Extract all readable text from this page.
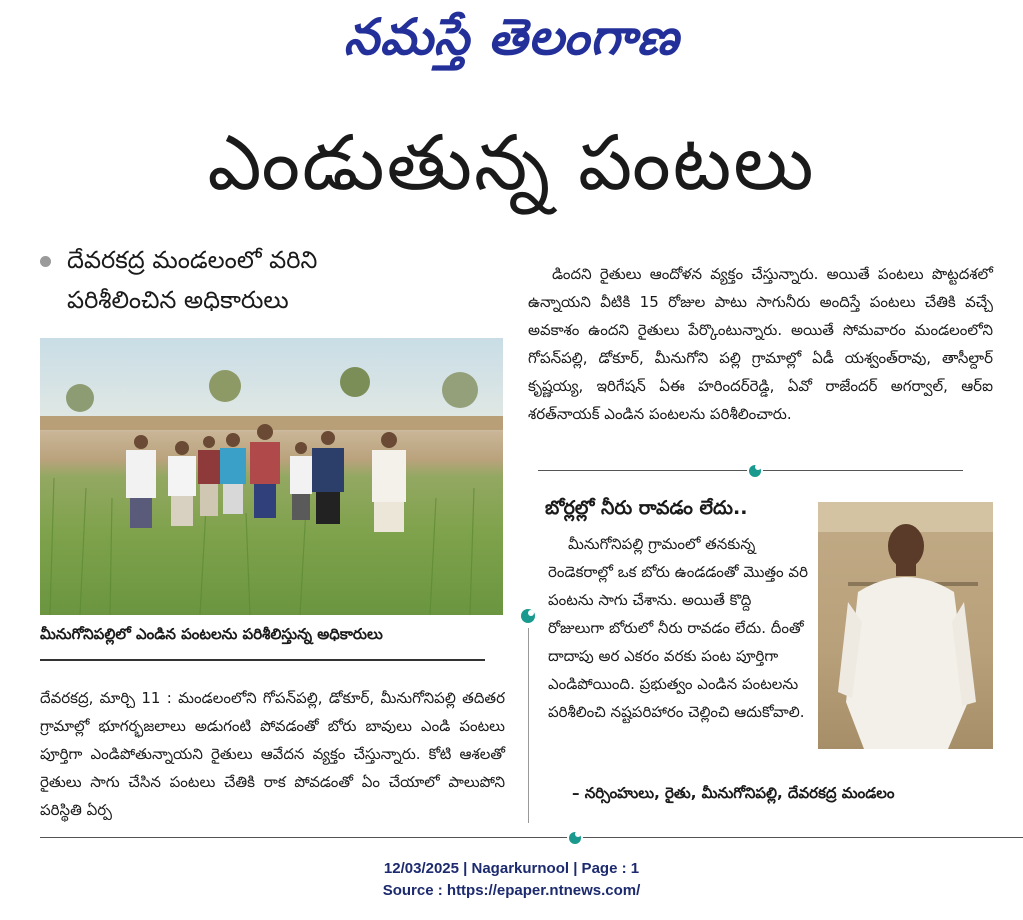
నమస్తే తెలంగాణ
ఎండుతున్న పంటలు
దేవరకద్ర మండలంలో వరిని
పరిశీలించిన అధికారులు
మీనుగోనిపల్లిలో ఎండిన పంటలను పరిశీలిస్తున్న అధికారులు
దేవరకద్ర, మార్చి 11 : మండలంలోని గోపన్‌పల్లి, డోకూర్, మీనుగోనిపల్లి తదితర గ్రామాల్లో భూగర్భజలాలు అడుగంటి పోవడంతో బోరు బావులు ఎండి పంటలు పూర్తిగా ఎండిపోతున్నాయని రైతులు ఆవేదన వ్యక్తం చేస్తున్నారు. కోటి ఆశలతో రైతులు సాగు చేసిన పంటలు చేతికి రాక పోవడంతో ఏం చేయాలో పాలుపోని పరిస్థితి ఏర్ప
డిందని రైతులు ఆందోళన వ్యక్తం చేస్తున్నారు. అయితే పంటలు పొట్టదశలో ఉన్నాయని వీటికి 15 రోజుల పాటు సాగునీరు అందిస్తే పంటలు చేతికి వచ్చే అవకాశం ఉందని రైతులు పేర్కొంటున్నారు. అయితే సోమవారం మండలంలోని గోపన్‌పల్లి, డోకూర్, మీనుగోని పల్లి గ్రామాల్లో ఏడీ యశ్వంత్‌రావు, తాసీల్దార్ కృష్ణయ్య, ఇరిగేషన్ ఏఈ హరిందర్‌రెడ్డి, ఏవో రాజేందర్ అగర్వాల్, ఆర్ఐ శరత్‌నాయక్ ఎండిన పంటలను పరిశీలించారు.
బోర్లల్లో నీరు రావడం లేదు..
మీనుగోనిపల్లి గ్రామంలో తనకున్న రెండెకరాల్లో ఒక బోరు ఉండడంతో మొత్తం వరి పంటను సాగు చేశాను. అయితే కొద్ది రోజులుగా బోరులో నీరు రావడం లేదు. దీంతో దాదాపు అర ఎకరం వరకు పంట పూర్తిగా ఎండిపోయింది. ప్రభుత్వం ఎండిన పంటలను పరిశీలించి నష్టపరిహారం చెల్లించి ఆదుకోవాలి.
– నర్సింహులు, రైతు, మీనుగోనిపల్లి, దేవరకద్ర మండలం
12/03/2025 | Nagarkurnool | Page : 1
Source : https://epaper.ntnews.com/
